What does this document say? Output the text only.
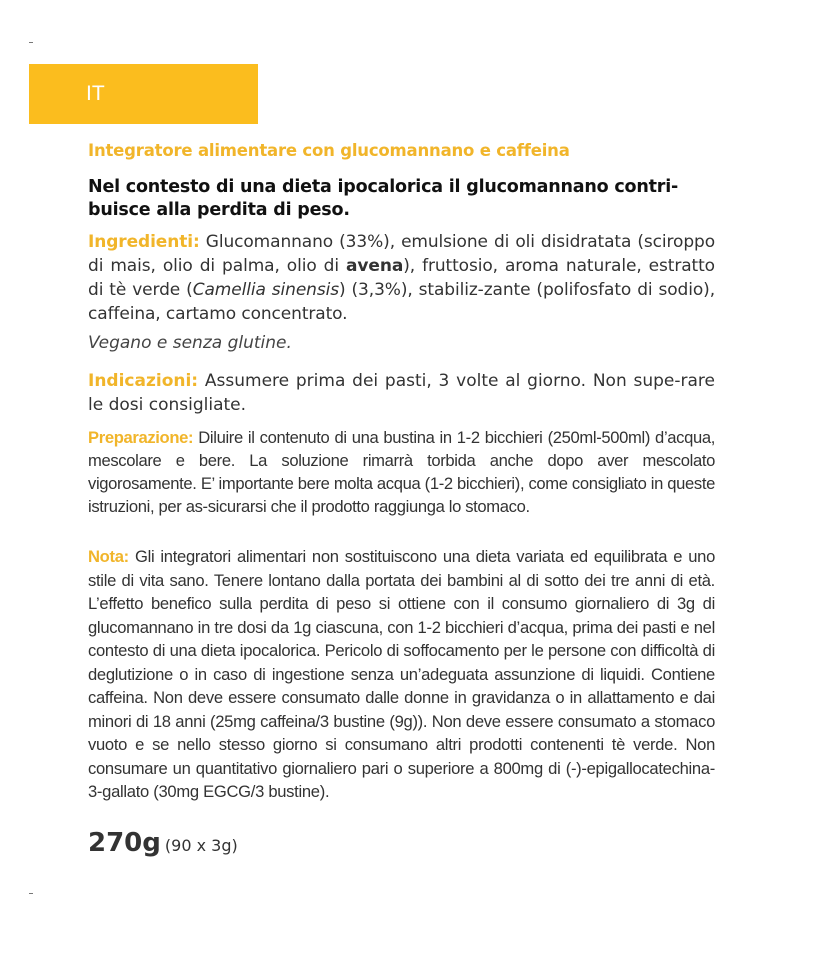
IT
Integratore alimentare con glucomannano e caffeina
Nel contesto di una dieta ipocalorica il glucomannano contri-buisce alla perdita di peso.
Ingredienti: Glucomannano (33%), emulsione di oli disidratata (sciroppo di mais, olio di palma, olio di avena), fruttosio, aroma naturale, estratto di tè verde (Camellia sinensis) (3,3%), stabiliz-zante (polifosfato di sodio), caffeina, cartamo concentrato.
Vegano e senza glutine.
Indicazioni: Assumere prima dei pasti, 3 volte al giorno. Non supe-rare le dosi consigliate.
Preparazione: Diluire il contenuto di una bustina in 1-2 bicchieri (250ml-500ml) d’acqua, mescolare e bere. La soluzione rimarrà torbida anche dopo aver mescolato vigorosamente. E’ importante bere molta acqua (1-2 bicchieri), come consigliato in queste istruzioni, per as-sicurarsi che il prodotto raggiunga lo stomaco.
Nota: Gli integratori alimentari non sostituiscono una dieta variata ed equilibrata e uno stile di vita sano. Tenere lontano dalla portata dei bambini al di sotto dei tre anni di età. L’effetto benefico sulla perdita di peso si ottiene con il consumo giornaliero di 3g di glucomannano in tre dosi da 1g ciascuna, con 1-2 bicchieri d’acqua, prima dei pasti e nel contesto di una dieta ipocalorica. Pericolo di soffocamento per le persone con difficoltà di deglutizione o in caso di ingestione senza un’adeguata assunzione di liquidi. Contiene caffeina. Non deve essere consumato dalle donne in gravidanza o in allattamento e dai minori di 18 anni (25mg caffeina/3 bustine (9g)). Non deve essere consumato a stomaco vuoto e se nello stesso giorno si consumano altri prodotti contenenti tè verde. Non consumare un quantitativo giornaliero pari o superiore a 800mg di (-)-epigallocatechina-3-gallato (30mg EGCG/3 bustine).
270g (90 x 3g)
